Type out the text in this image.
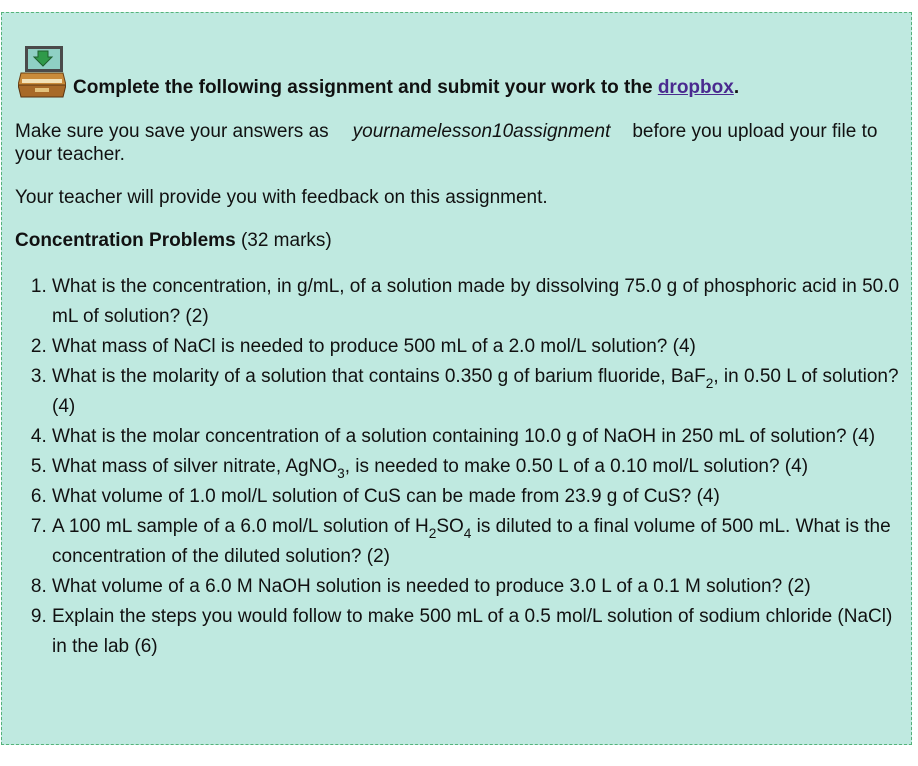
Complete the following assignment and submit your work to the dropbox.
Make sure you save your answers as yournamelesson10assignment before you upload your file to your teacher.
Your teacher will provide you with feedback on this assignment.
Concentration Problems (32 marks)
1. What is the concentration, in g/mL, of a solution made by dissolving 75.0 g of phosphoric acid in 50.0 mL of solution? (2)
2. What mass of NaCl is needed to produce 500 mL of a 2.0 mol/L solution? (4)
3. What is the molarity of a solution that contains 0.350 g of barium fluoride, BaF$_2$, in 0.50 L of solution? (4)
4. What is the molar concentration of a solution containing 10.0 g of NaOH in 250 mL of solution? (4)
5. What mass of silver nitrate, AgNO$_3$, is needed to make 0.50 L of a 0.10 mol/L solution? (4)
6. What volume of 1.0 mol/L solution of CuS can be made from 23.9 g of CuS? (4)
7. A 100 mL sample of a 6.0 mol/L solution of $H_2SO_4$ is diluted to a final volume of 500 mL. What is the concentration of the diluted solution? (2)
8. What volume of a 6.0 M NaOH solution is needed to produce 3.0 L of a 0.1 M solution? (2)
9. Explain the steps you would follow to make 500 mL of a 0.5 mol/L solution of sodium chloride (NaCl) in the lab (6)
